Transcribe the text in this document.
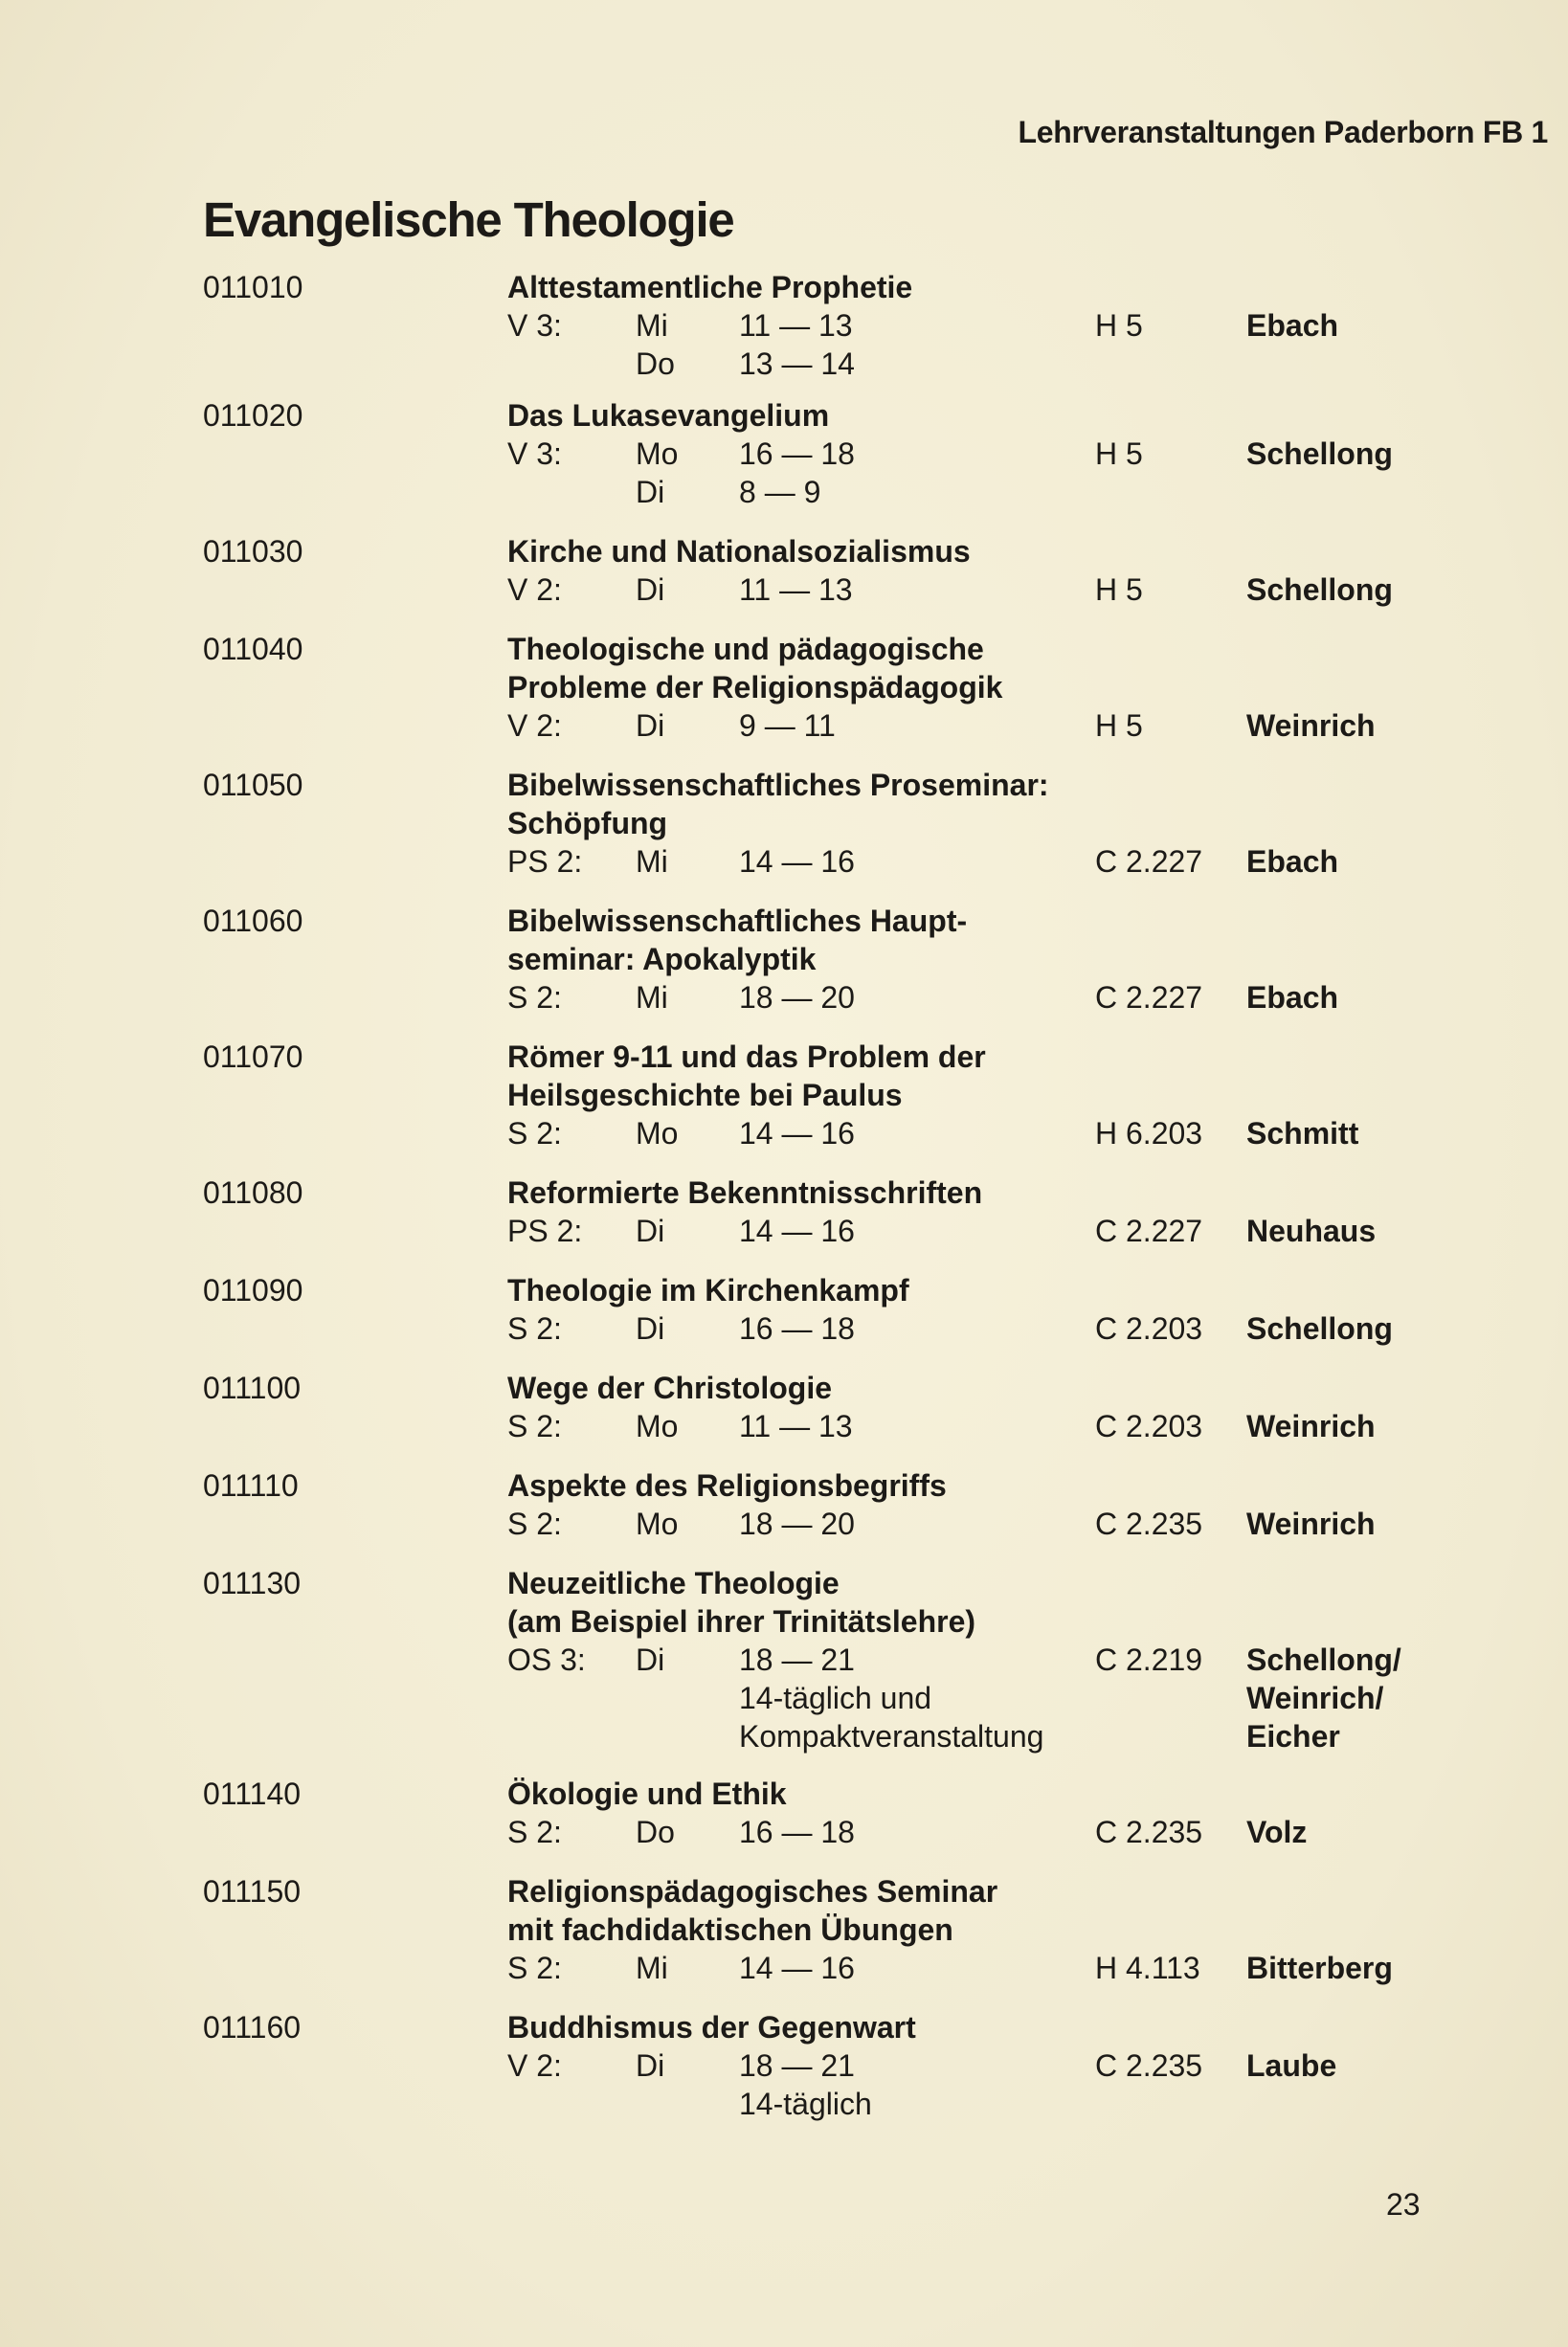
Lehrveranstaltungen Paderborn FB 1
Evangelische Theologie
011010	Alttestamentliche Prophetie
V 3: Mi 11 — 13	H 5	Ebach
Do 13 — 14
011020	Das Lukasevangelium
V 3: Mo 16 — 18	H 5	Schellong
Di 8 — 9
011030	Kirche und Nationalsozialismus
V 2: Di 11 — 13	H 5	Schellong
011040	Theologische und pädagogische
Probleme der Religionspädagogik
V 2: Di 9 — 11	H 5	Weinrich
011050	Bibelwissenschaftliches Proseminar:
Schöpfung
PS 2: Mi 14 — 16	C 2.227 Ebach
011060	Bibelwissenschaftliches Haupt-
seminar: Apokalyptik
S 2: Mi 18 — 20	C 2.227 Ebach
011070	Römer 9-11 und das Problem der
Heilsgeschichte bei Paulus
S 2: Mo 14 — 16	H 6.203 Schmitt
011080	Reformierte Bekenntnisschriften
PS 2: Di 14 — 16	C 2.227 Neuhaus
011090	Theologie im Kirchenkampf
S 2: Di 16 — 18	C 2.203 Schellong
011100	Wege der Christologie
S 2: Mo 11 — 13	C 2.203 Weinrich
011110	Aspekte des Religionsbegriffs
S 2: Mo 18 — 20	C 2.235 Weinrich
011130	Neuzeitliche Theologie
(am Beispiel ihrer Trinitätslehre)
OS 3: Di 18 — 21	C 2.219 Schellong/
14-täglich und	Weinrich/
Kompaktveranstaltung	Eicher
011140	Ökologie und Ethik
S 2: Do 16 — 18	C 2.235 Volz
011150	Religionspädagogisches Seminar
mit fachdidaktischen Übungen
S 2: Mi 14 — 16	H 4.113 Bitterberg
011160	Buddhismus der Gegenwart
V 2: Di 18 — 21	C 2.235 Laube
14-täglich
23
